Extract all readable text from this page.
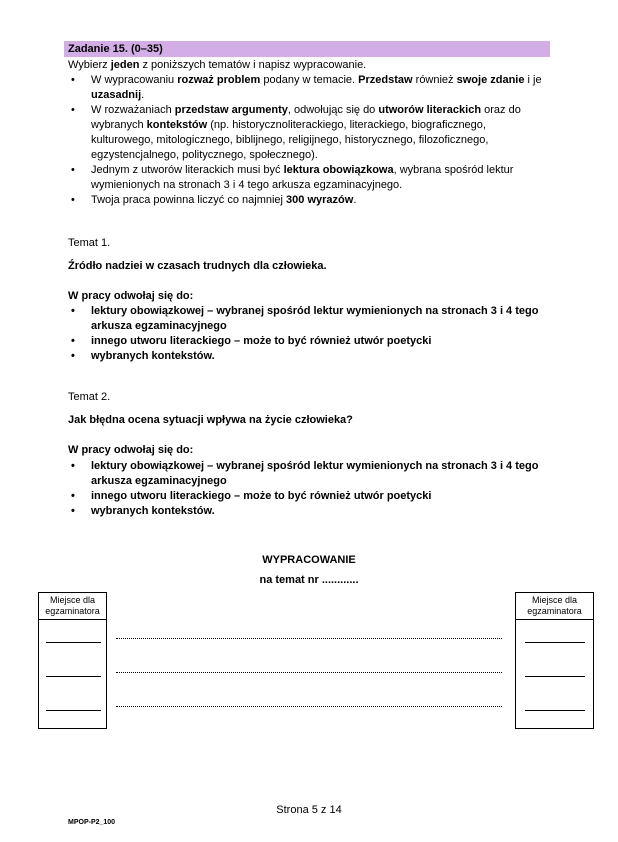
Zadanie 15. (0–35)
Wybierz jeden z poniższych tematów i napisz wypracowanie.
• W wypracowaniu rozważ problem podany w temacie. Przedstaw również swoje zdanie i je uzasadnij.
• W rozważaniach przedstaw argumenty, odwołując się do utworów literackich oraz do wybranych kontekstów (np. historycznoliterackiego, literackiego, biograficznego, kulturowego, mitologicznego, biblijnego, religijnego, historycznego, filozoficznego, egzystencjalnego, politycznego, społecznego).
• Jednym z utworów literackich musi być lektura obowiązkowa, wybrana spośród lektur wymienionych na stronach 3 i 4 tego arkusza egzaminacyjnego.
• Twoja praca powinna liczyć co najmniej 300 wyrazów.
Temat 1.
Źródło nadziei w czasach trudnych dla człowieka.
W pracy odwołaj się do:
• lektury obowiązkowej – wybranej spośród lektur wymienionych na stronach 3 i 4 tego arkusza egzaminacyjnego
• innego utworu literackiego – może to być również utwór poetycki
• wybranych kontekstów.
Temat 2.
Jak błędna ocena sytuacji wpływa na życie człowieka?
W pracy odwołaj się do:
• lektury obowiązkowej – wybranej spośród lektur wymienionych na stronach 3 i 4 tego arkusza egzaminacyjnego
• innego utworu literackiego – może to być również utwór poetycki
• wybranych kontekstów.
WYPRACOWANIE
na temat nr ............
Miejsce dla egzaminatora
Miejsce dla egzaminatora
Strona 5 z 14
MPOP-P2_100
